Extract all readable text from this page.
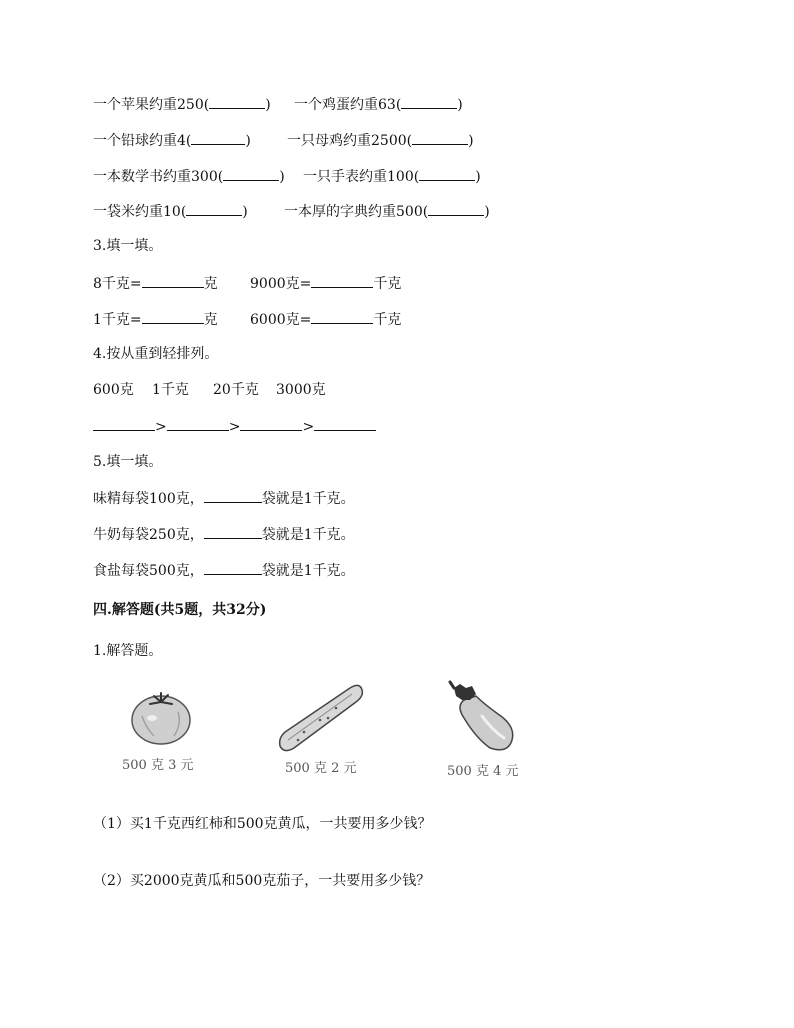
一个苹果约重250(	) 一个鸡蛋约重63(	)
一个铅球约重4(	)	一只母鸡约重2500(	)
一本数学书约重300(	) 一只手表约重100(	)
一袋米约重10(	)	一本厚的字典约重500(	)
3.填一填。
8千克=	克 9000克=	千克
1千克=	克 6000克=	千克
4.按从重到轻排列。
600克 1千克 20千克 3000克
>	>	>
5.填一填。
味精每袋100克，	袋就是1千克。
牛奶每袋250克，	袋就是1千克。
食盐每袋500克，	袋就是1千克。
四.解答题(共5题，共32分)
1.解答题。
500 克 3 元	500 克 2 元	500 克 4 元
（1）买1千克西红柿和500克黄瓜，一共要用多少钱？
（2）买2000克黄瓜和500克茄子，一共要用多少钱？
